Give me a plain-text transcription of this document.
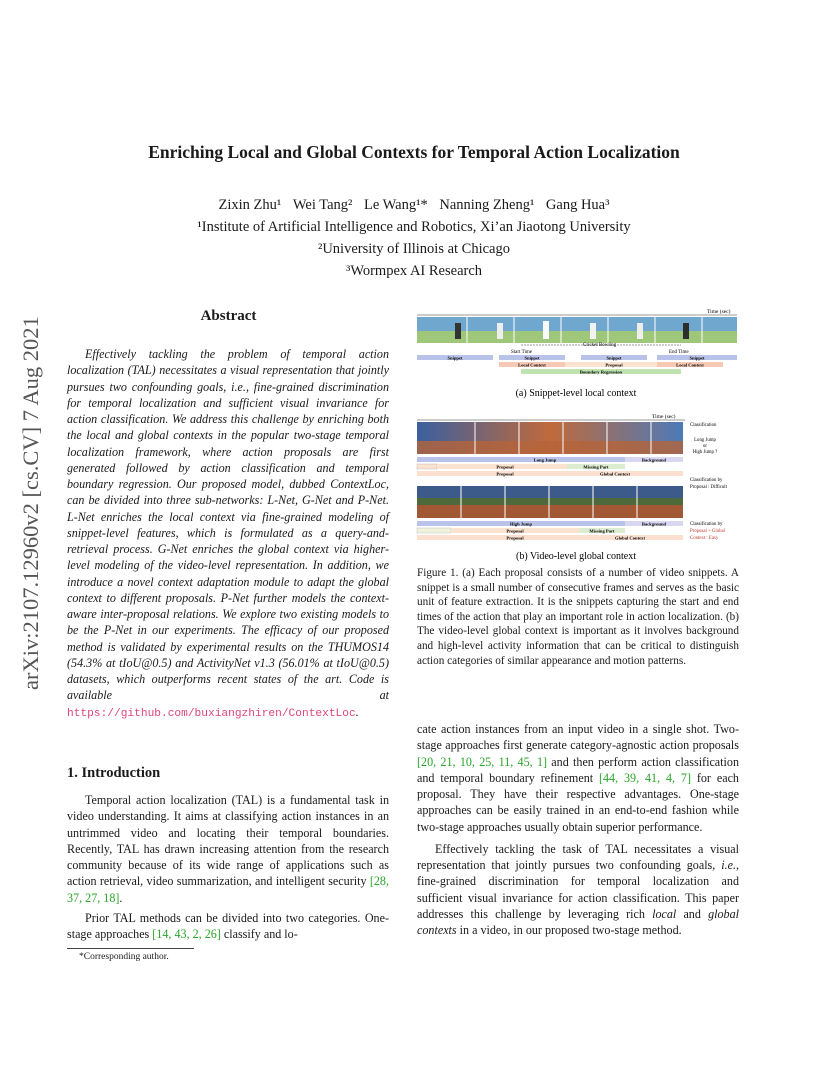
arXiv:2107.12960v2 [cs.CV] 7 Aug 2021
Enriching Local and Global Contexts for Temporal Action Localization
Zixin Zhu¹ Wei Tang² Le Wang¹* Nanning Zheng¹ Gang Hua³
¹Institute of Artificial Intelligence and Robotics, Xi’an Jiaotong University
²University of Illinois at Chicago
³Wormpex AI Research
Abstract
Effectively tackling the problem of temporal action localization (TAL) necessitates a visual representation that jointly pursues two confounding goals, i.e., fine-grained discrimination for temporal localization and sufficient visual invariance for action classification. We address this challenge by enriching both the local and global contexts in the popular two-stage temporal localization framework, where action proposals are first generated followed by action classification and temporal boundary regression. Our proposed model, dubbed ContextLoc, can be divided into three sub-networks: L-Net, G-Net and P-Net. L-Net enriches the local context via fine-grained modeling of snippet-level features, which is formulated as a query-and-retrieval process. G-Net enriches the global context via higher-level modeling of the video-level representation. In addition, we introduce a novel context adaptation module to adapt the global context to different proposals. P-Net further models the context-aware inter-proposal relations. We explore two existing models to be the P-Net in our experiments. The efficacy of our proposed method is validated by experimental results on the THUMOS14 (54.3% at tIoU@0.5) and ActivityNet v1.3 (56.01% at tIoU@0.5) datasets, which outperforms recent states of the art. Code is available at https://github.com/buxiangzhiren/ContextLoc.
1. Introduction

Temporal action localization (TAL) is a fundamental task in video understanding. It aims at classifying action instances in an untrimmed video and locating their temporal boundaries. Recently, TAL has drawn increasing attention from the research community because of its wide range of applications such as action retrieval, video summarization, and intelligent security [28, 37, 27, 18].

Prior TAL methods can be divided into two categories. One-stage approaches [14, 43, 2, 26] classify and lo-

*Corresponding author.
Time (sec)
Start Time
Cricket Bowling
End Time
Snippet	Snippet	Snippet	Snippet
Local Context	Proposal	Local Context
Boundary Regression
(a) Snippet-level local context
Time (sec)
Classification
Long Jump
or
High Jump ?
Long Jump	Background
Proposal	Missing Part
Proposal	Global Context
Classification by
Proposal : Difficult
High Jump	Background
Proposal	Missing Part
Proposal	Global Context
Classification by
Proposal + Global
Context : Easy
(b) Video-level global context
Figure 1. (a) Each proposal consists of a number of video snippets. A snippet is a small number of consecutive frames and serves as the basic unit of feature extraction. It is the snippets capturing the start and end times of the action that play an important role in action localization. (b) The video-level global context is important as it involves background and high-level activity information that can be critical to distinguish action categories of similar appearance and motion patterns.

cate action instances from an input video in a single shot. Two-stage approaches first generate category-agnostic action proposals [20, 21, 10, 25, 11, 45, 1] and then perform action classification and temporal boundary refinement [44, 39, 41, 4, 7] for each proposal. They have their respective advantages. One-stage approaches can be easily trained in an end-to-end fashion while two-stage approaches usually obtain superior performance.

Effectively tackling the task of TAL necessitates a visual representation that jointly pursues two confounding goals, i.e., fine-grained discrimination for temporal localization and sufficient visual invariance for action classification. This paper addresses this challenge by leveraging rich local and global contexts in a video, in our proposed two-stage method.
